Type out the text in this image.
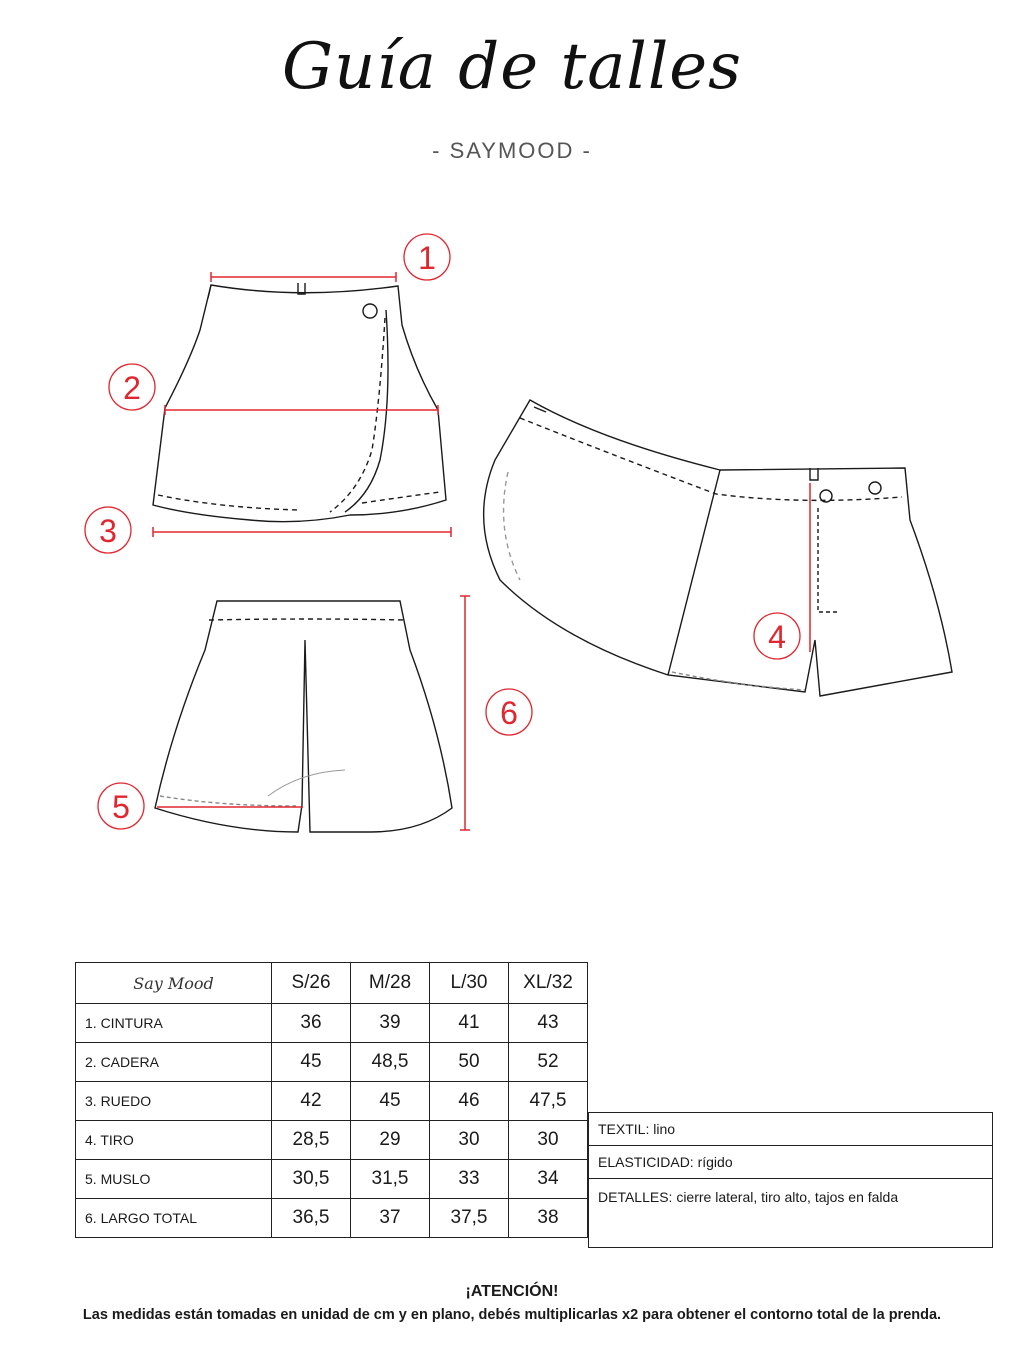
Guía de talles
- SAYMOOD -
1
2
3
4
5
6
Say Mood	S/26	M/28	L/30	XL/32
1. CINTURA	36	39	41	43
2. CADERA	45	48,5	50	52
3. RUEDO	42	45	46	47,5
4. TIRO	28,5	29	30	30
5. MUSLO	30,5	31,5	33	34
6. LARGO TOTAL	36,5	37	37,5	38
TEXTIL: lino
ELASTICIDAD: rígido
DETALLES: cierre lateral, tiro alto, tajos en falda
¡ATENCIÓN!
Las medidas están tomadas en unidad de cm y en plano, debés multiplicarlas x2 para obtener el contorno total de la prenda.
